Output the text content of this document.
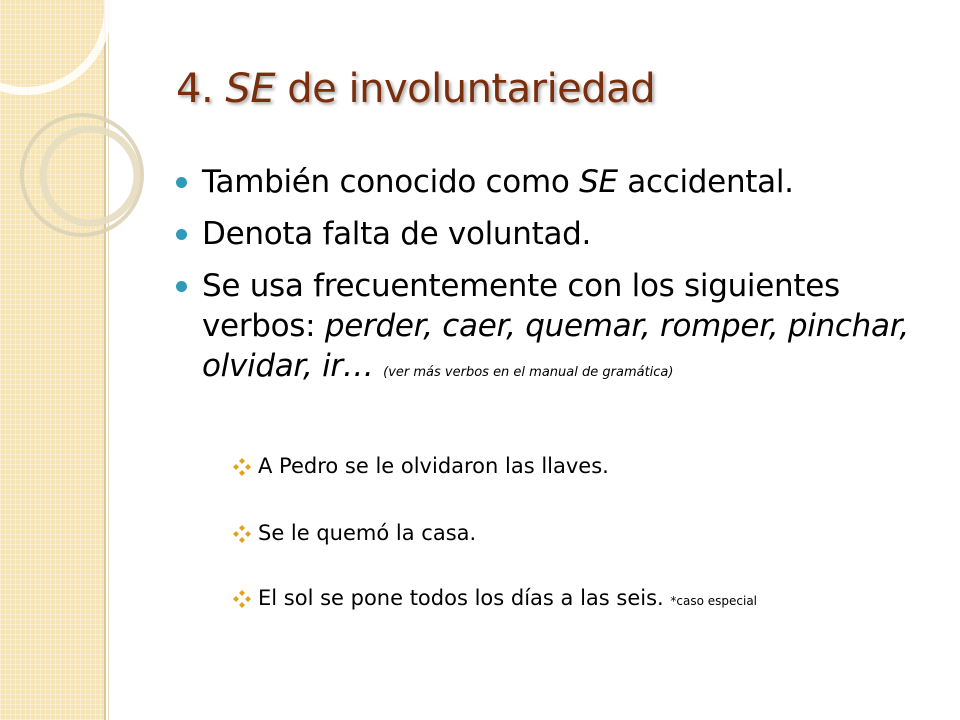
4. SE de involuntariedad
También conocido como SE accidental.
Denota falta de voluntad.
Se usa frecuentemente con los siguientes verbos: perder, caer, quemar, romper, pinchar, olvidar, ir… (ver más verbos en el manual de gramática)
A Pedro se le olvidaron las llaves.
Se le quemó la casa.
El sol se pone todos los días a las seis. *caso especial
